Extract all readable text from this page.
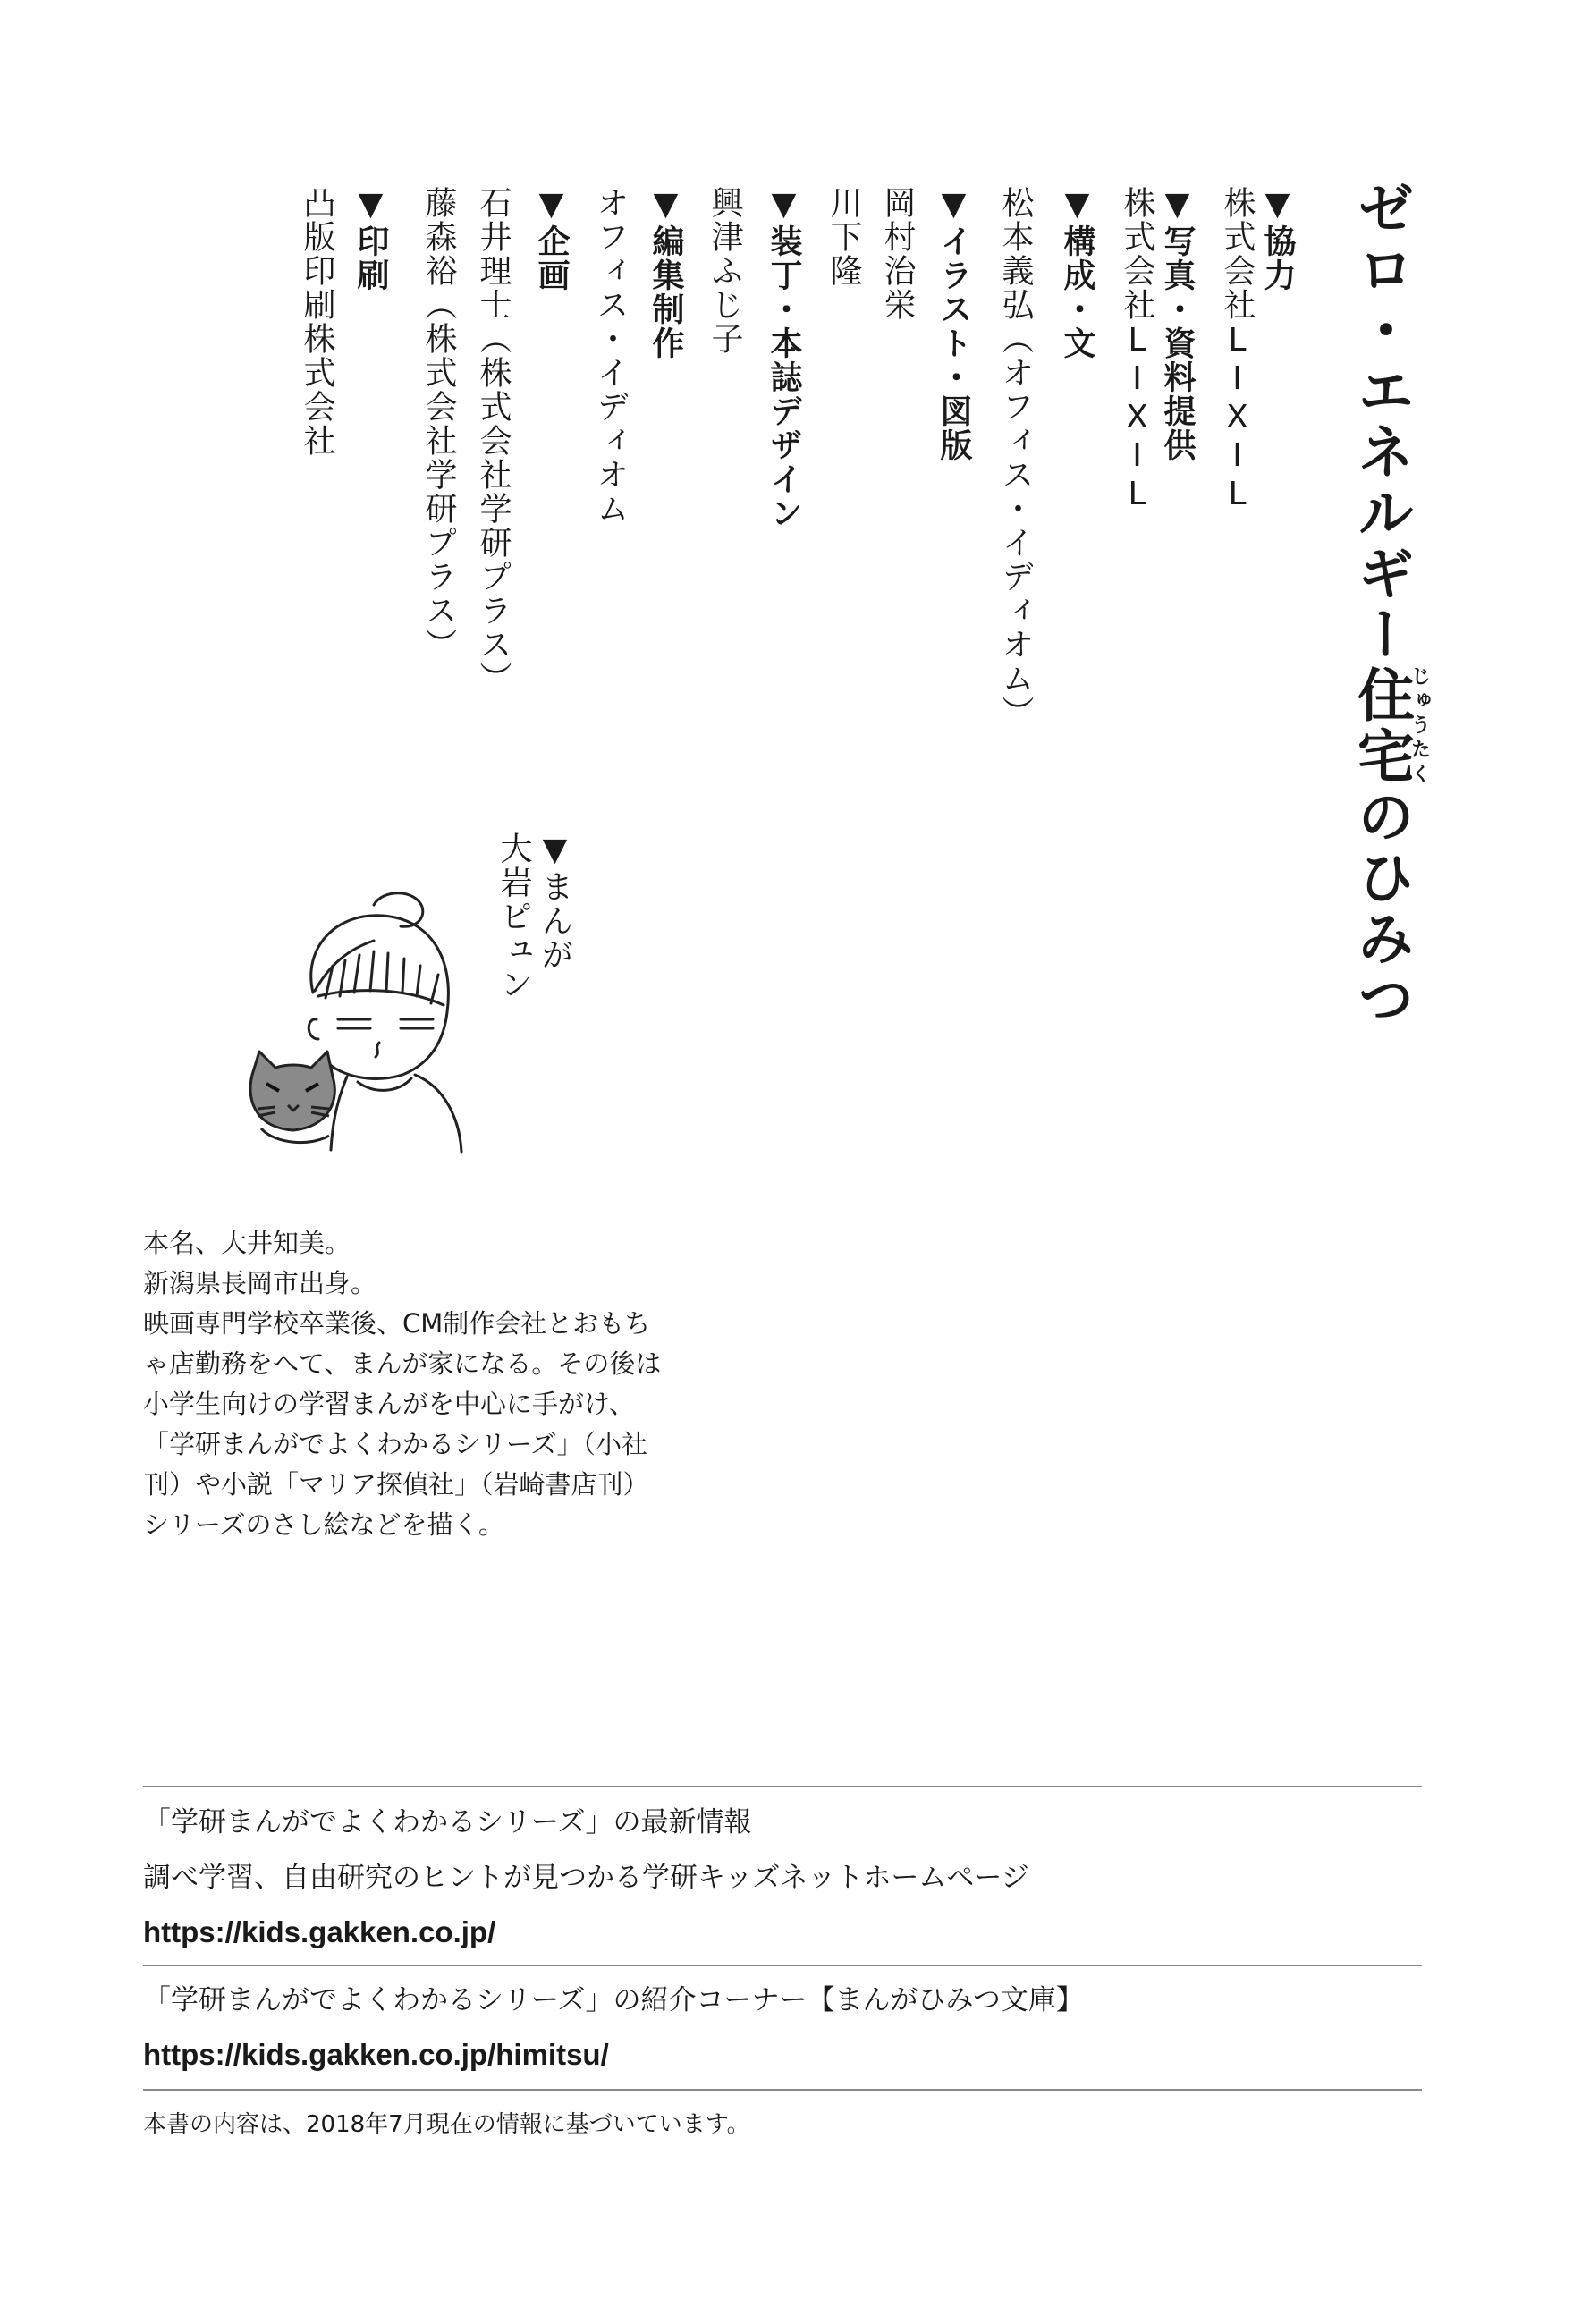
ゼロ・エネルギー住宅じゅうたくのひみつ
▼ 協力
株式会社LIXIL
▼ 写真・資料提供
株式会社LIXIL
▼ 構成・文
松本義弘（オフィス・イディオム）
▼ イラスト・図版
岡村治栄
川下隆
▼ 装丁・本誌デザイン
興津ふじ子
▼ 編集制作
オフィス・イディオム
▼ 企画
石井理士（株式会社学研プラス）
藤森裕（株式会社学研プラス）
▼ 印刷
凸版印刷株式会社
▼ まんが
大岩ピュン
本名、大井知美。
新潟県長岡市出身。
映画専門学校卒業後、CM制作会社とおもちゃ店勤務をへて、まんが家になる。その後は小学生向けの学習まんがを中心に手がけ、「学研まんがでよくわかるシリーズ」（小社刊）や小説「マリア探偵社」（岩崎書店刊）シリーズのさし絵などを描く。
「学研まんがでよくわかるシリーズ」の最新情報
調べ学習、自由研究のヒントが見つかる学研キッズネットホームページ
https://kids.gakken.co.jp/
「学研まんがでよくわかるシリーズ」の紹介コーナー【まんがひみつ文庫】
https://kids.gakken.co.jp/himitsu/
本書の内容は、2018年7月現在の情報に基づいています。
